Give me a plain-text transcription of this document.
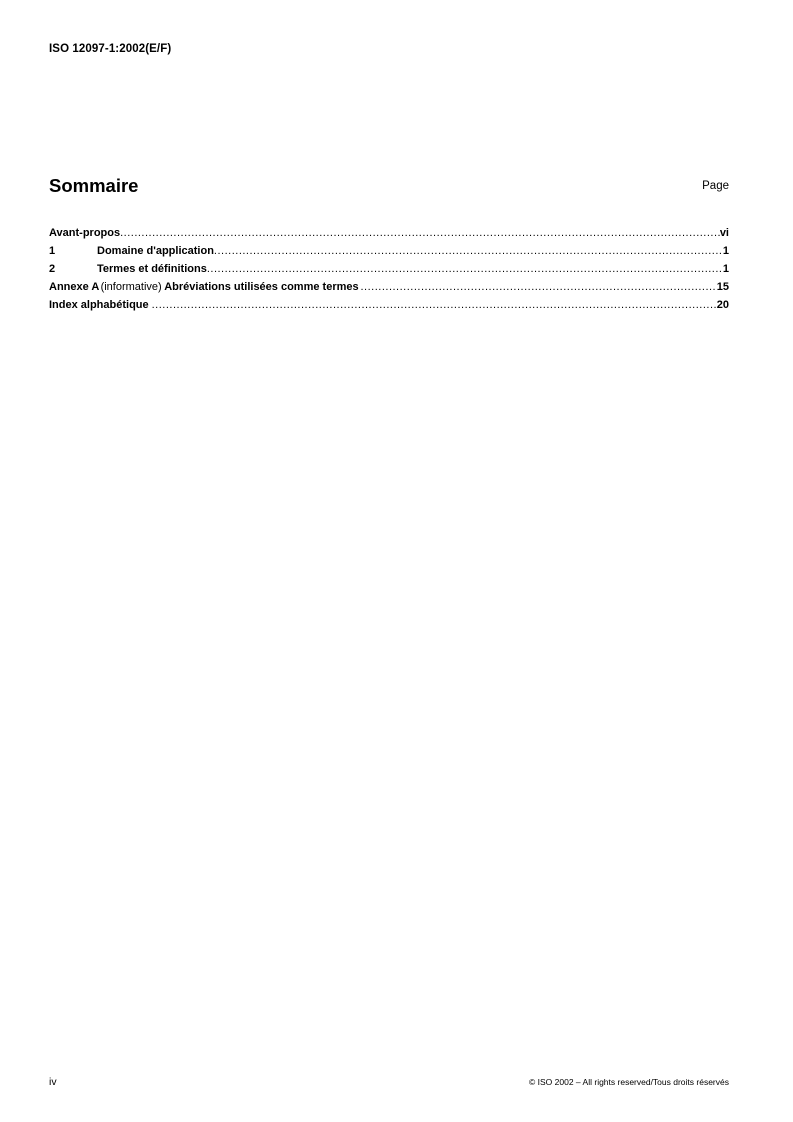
ISO 12097-1:2002(E/F)
Sommaire	Page
Avant-propos .....	vi
1	Domaine d'application .....	1
2	Termes et définitions .....	1
Annexe A (informative) Abréviations utilisées comme termes .....	15
Index alphabétique .....	20
iv	© ISO 2002 – All rights reserved/Tous droits réservés
